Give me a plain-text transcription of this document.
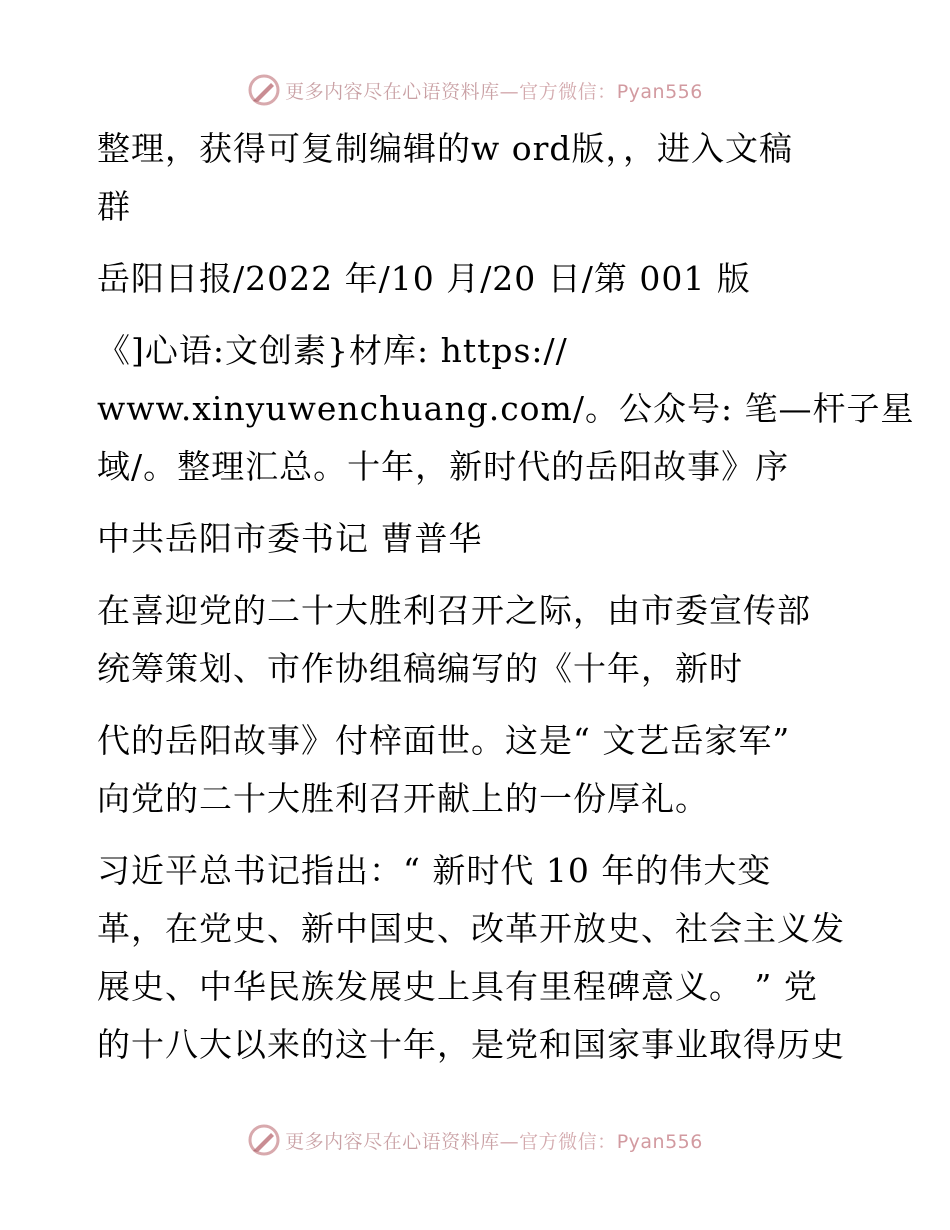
更多内容尽在心语资料库—官方微信：Pyan556
整理，获得可复制编辑的w ord版，，进入文稿
群
岳阳日报/2022 年/10 月/20 日/第 001 版
《]心语:文创素}材库: https://
www.xinyuwenchuang.com/。公众号: 笔—杆子星
域/。整理汇总。十年，新时代的岳阳故事》序
中共岳阳市委书记 曹普华
在喜迎党的二十大胜利召开之际，由市委宣传部
统筹策划、市作协组稿编写的《十年，新时
代的岳阳故事》付梓面世。这是“ 文艺岳家军”
向党的二十大胜利召开献上的一份厚礼。
习近平总书记指出：“ 新时代 10 年的伟大变
革，在党史、新中国史、改革开放史、社会主义发
展史、中华民族发展史上具有里程碑意义。 ” 党
的十八大以来的这十年，是党和国家事业取得历史
更多内容尽在心语资料库—官方微信：Pyan556
